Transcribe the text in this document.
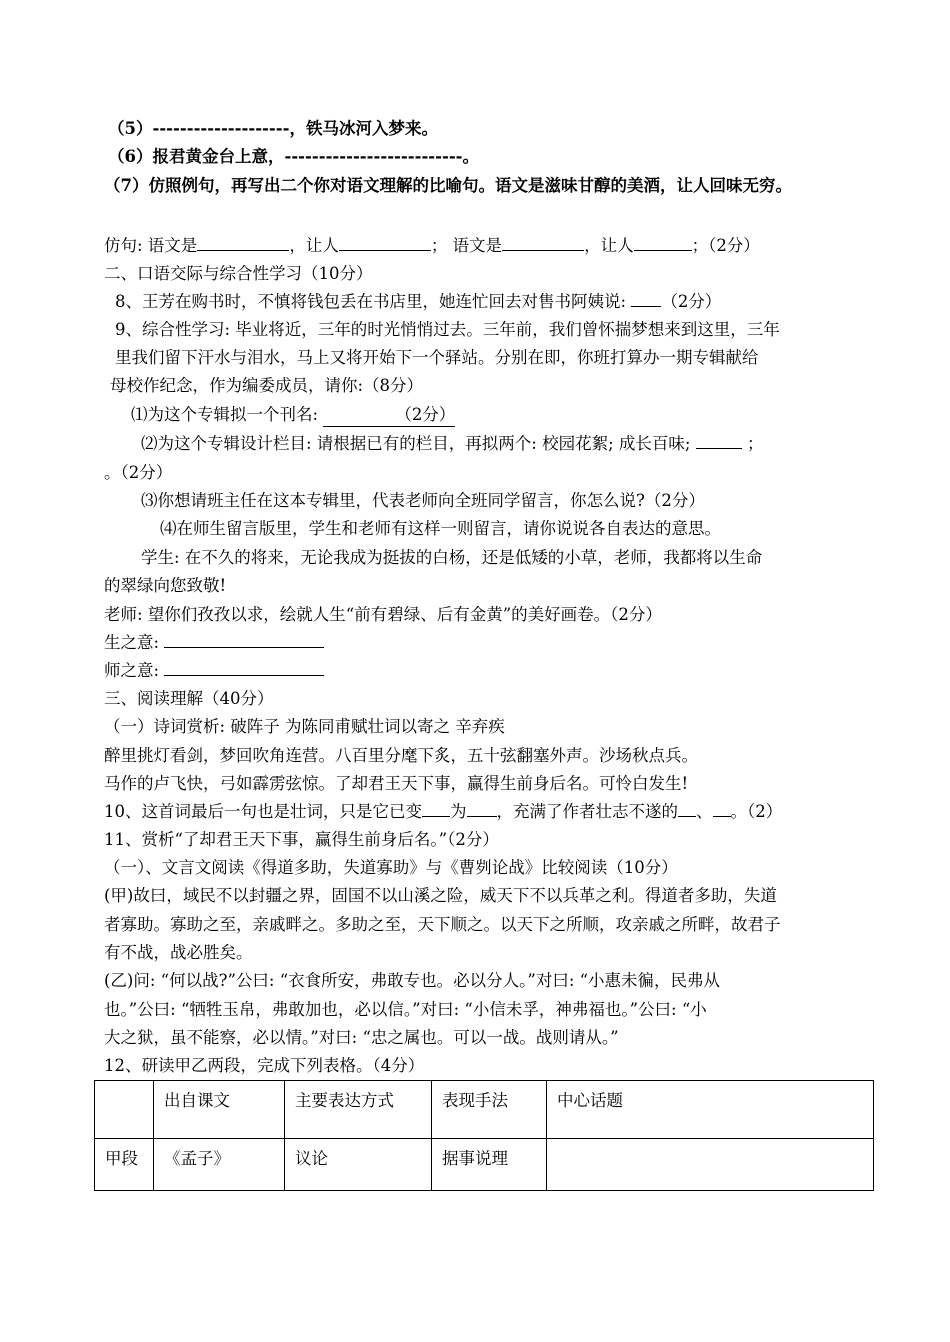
（5）--------------------，铁马冰河入梦来。
（6）报君黄金台上意，--------------------------。
（7）仿照例句，再写出二个你对语文理解的比喻句。语文是滋味甘醇的美酒，让人回味无穷。
仿句: 语文是	，让人	； 语文是	，让人	；（2分）
二、口语交际与综合性学习（10分）
8、王芳在购书时，不慎将钱包丢在书店里，她连忙回去对售书阿姨说: （2分）
9、综合性学习: 毕业将近，三年的时光悄悄过去。三年前，我们曾怀揣梦想来到这里，三年
里我们留下汗水与泪水，马上又将开始下一个驿站。分别在即，你班打算办一期专辑献给
母校作纪念，作为编委成员，请你:（8分）
⑴为这个专辑拟一个刊名:	（2分）
⑵为这个专辑设计栏目: 请根据已有的栏目，再拟两个: 校园花絮; 成长百味;	；
。（2分）
⑶你想请班主任在这本专辑里，代表老师向全班同学留言，你怎么说?（2分）
⑷在师生留言版里，学生和老师有这样一则留言，请你说说各自表达的意思。
学生: 在不久的将来，无论我成为挺拔的白杨，还是低矮的小草，老师，我都将以生命
的翠绿向您致敬!
老师: 望你们孜孜以求，绘就人生“前有碧绿、后有金黄”的美好画卷。（2分）
生之意:
师之意:
三、阅读理解（40分）
（一）诗词赏析: 破阵子 为陈同甫赋壮词以寄之 辛弃疾
醉里挑灯看剑，梦回吹角连营。八百里分麾下炙，五十弦翻塞外声。沙场秋点兵。
马作的卢飞快，弓如霹雳弦惊。了却君王天下事，赢得生前身后名。可怜白发生!
10、这首词最后一句也是壮词，只是它已变 为 ，充满了作者壮志不遂的 、 。（2）
11、赏析“了却君王天下事，赢得生前身后名。”（2分）
（一）、文言文阅读《得道多助，失道寡助》与《曹刿论战》比较阅读（10分）
(甲)故曰，域民不以封疆之界，固国不以山溪之险，威天下不以兵革之利。得道者多助，失道
者寡助。寡助之至，亲戚畔之。多助之至，天下顺之。以天下之所顺，攻亲戚之所畔，故君子
有不战，战必胜矣。
(乙)问: “何以战?”公曰: “衣食所安，弗敢专也。必以分人。”对曰: “小惠未徧，民弗从
也。”公曰: “牺牲玉帛，弗敢加也，必以信。”对曰: “小信未孚，神弗福也。”公曰: “小
大之狱，虽不能察，必以情。”对曰: “忠之属也。可以一战。战则请从。”
12、研读甲乙两段，完成下列表格。（4分）
	出自课文	主要表达方式	表现手法	中心话题
甲段	《孟子》	议论	据事说理	
